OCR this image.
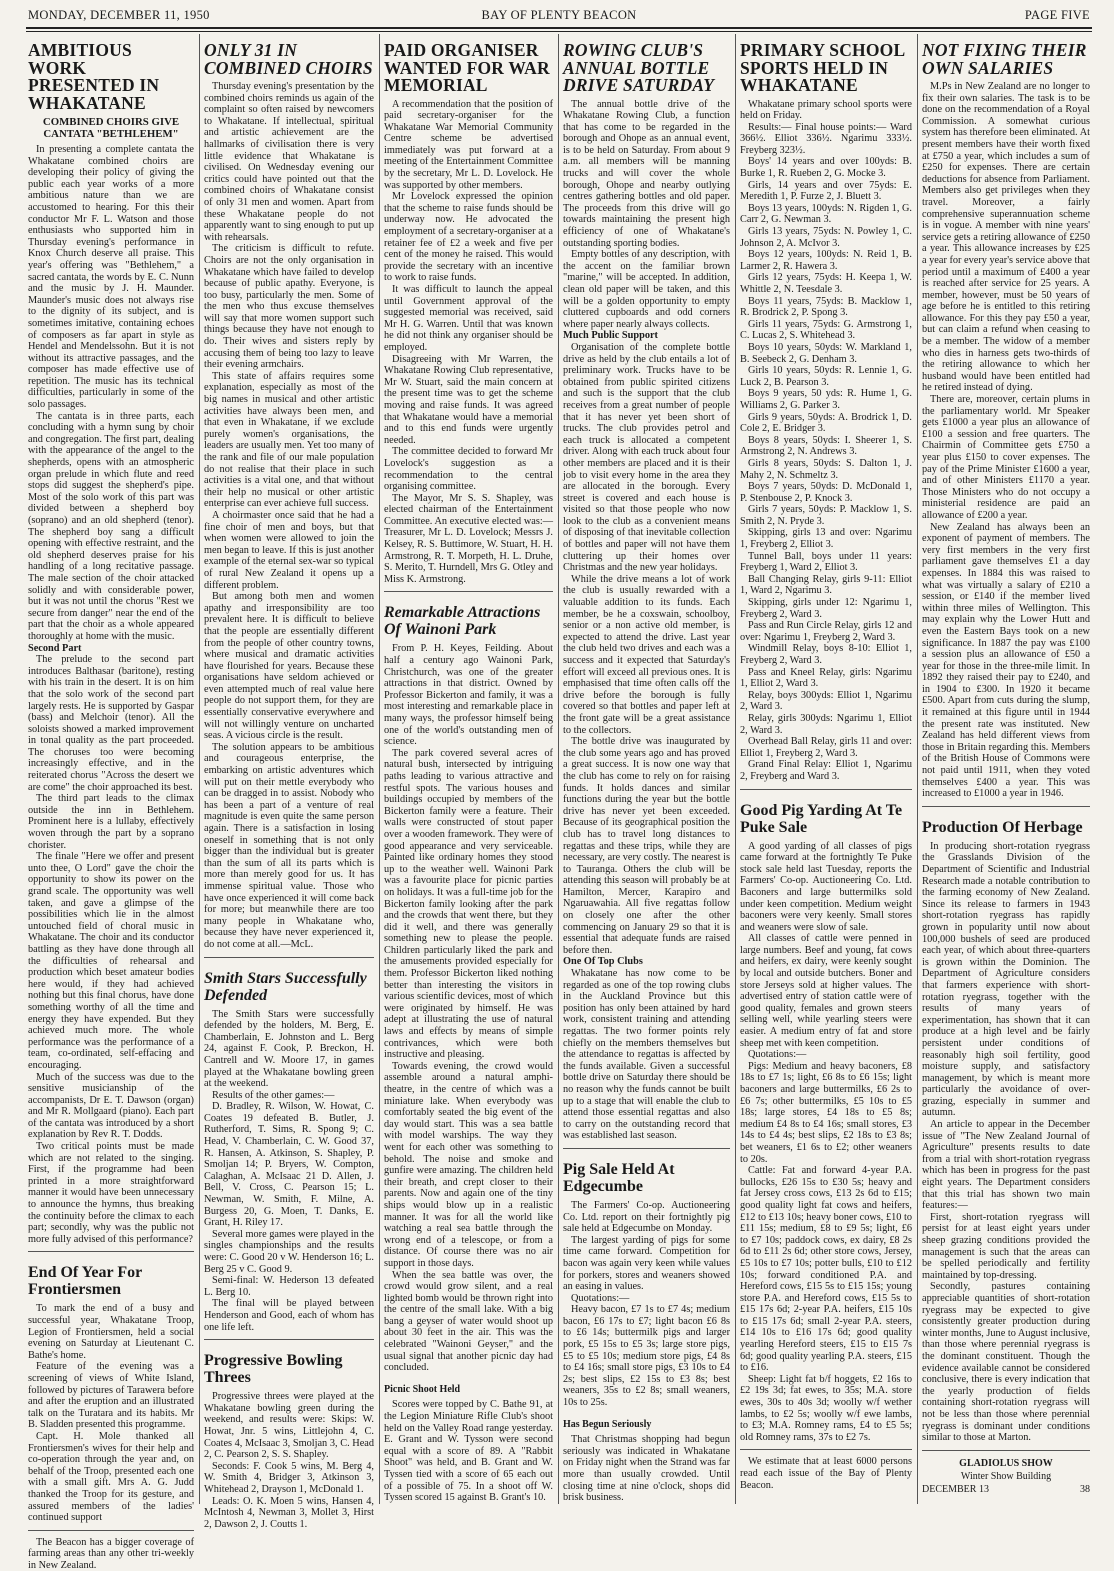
MONDAY, DECEMBER 11, 1950	BAY OF PLENTY BEACON	PAGE FIVE
AMBITIOUS WORK PRESENTED IN WHAKATANE
COMBINED CHOIRS GIVE CANTATA "BETHLEHEM"

In presenting a complete cantata the Whakatane combined choirs are developing their policy of giving the public each year works of a more ambitious nature than we are accustomed to hearing. For this their conductor Mr F. L. Watson and those enthusiasts who supported him in Thursday evening's performance in Knox Church deserve all praise. This year's offering was "Bethlehem," a sacred cantata, the words by E. C. Nunn and the music by J. H. Maunder. Maunder's music does not always rise to the dignity of its subject, and is sometimes imitative, containing echoes of composers as far apart in style as Hendel and Mendelssohn. But it is not without its attractive passages, and the composer has made effective use of repetition. The music has its technical difficulties, particularly in some of the solo passages.

The cantata is in three parts, each concluding with a hymn sung by choir and congregation. The first part, dealing with the appearance of the angel to the shepherds, opens with an atmospheric organ prelude in which flute and reed stops did suggest the shepherd's pipe. Most of the solo work of this part was divided between a shepherd boy (soprano) and an old shepherd (tenor). The shepherd boy sang a difficult opening with effective restraint, and the old shepherd deserves praise for his handling of a long recitative passage. The male section of the choir attacked solidly and with considerable power, but it was not until the chorus "Rest we secure from danger" near the end of the part that the choir as a whole appeared thoroughly at home with the music.

Second Part

The prelude to the second part introduces Balthasar (baritone), resting with his train in the desert. It is on him that the solo work of the second part largely rests. He is supported by Gaspar (bass) and Melchoir (tenor). All the soloists showed a marked improvement in tonal quality as the part proceeded. The choruses too were becoming increasingly effective, and in the reiterated chorus "Across the desert we are come" the choir approached its best.

The third part leads to the climax outside the inn in Bethlehem. Prominent here is a lullaby, effectively woven through the part by a soprano chorister.

The finale "Here we offer and present unto thee, O Lord" gave the choir the opportunity to show its power on the grand scale. The opportunity was well taken, and gave a glimpse of the possibilities which lie in the almost untouched field of choral music in Whakatane. The choir and its conductor battling as they have done through all the difficulties of rehearsal and production which beset amateur bodies here would, if they had achieved nothing but this final chorus, have done something worthy of all the time and energy they have expended. But they achieved much more. The whole performance was the performance of a team, co-ordinated, self-effacing and encouraging.

Much of the success was due to the sensitive musicianship of the accompanists, Dr E. T. Dawson (organ) and Mr R. Mollgaard (piano). Each part of the cantata was introduced by a short explanation by Rev R. T. Dodds.

Two critical points must be made which are not related to the singing. First, if the programme had been printed in a more straightforward manner it would have been unnecessary to announce the hymns, thus breaking the continuity before the climax to each part; secondly, why was the public not more fully advised of this performance?

End Of Year For Frontiersmen

To mark the end of a busy and successful year, Whakatane Troop, Legion of Frontiersmen, held a social evening on Saturday at Lieutenant C. Bathe's home.

Feature of the evening was a screening of views of White Island, followed by pictures of Tarawera before and after the eruption and an illustrated talk on the Turatara and its habits. Mr B. Sladden presented this programme.

Capt. H. Mole thanked all Frontiersmen's wives for their help and co-operation through the year and, on behalf of the Troop, presented each one with a small gift. Mrs A. G. Judd thanked the Troop for its gesture, and assured members of the ladies' continued support

The Beacon has a bigger coverage of farming areas than any other tri-weekly in New Zealand.

ONLY 31 IN COMBINED CHOIRS

Thursday evening's presentation by the combined choirs reminds us again of the complaint so often raised by newcomers to Whakatane. If intellectual, spiritual and artistic achievement are the hallmarks of civilisation there is very little evidence that Whakatane is civilised. On Wednesday evening our critics could have pointed out that the combined choirs of Whakatane consist of only 31 men and women. Apart from these Whakatane people do not apparently want to sing enough to put up with rehearsals.

The criticism is difficult to refute. Choirs are not the only organisation in Whakatane which have failed to develop because of public apathy. Everyone, is too busy, particularly the men. Some of the men who thus excuse themselves will say that more women support such things because they have not enough to do. Their wives and sisters reply by accusing them of being too lazy to leave their evening armchairs.

This state of affairs requires some explanation, especially as most of the big names in musical and other artistic activities have always been men, and that even in Whakatane, if we exclude purely women's organisations, the leaders are usually men. Yet too many of the rank and file of our male population do not realise that their place in such activities is a vital one, and that without their help no musical or other artistic enterprise can ever achieve full success.

A choirmaster once said that he had a fine choir of men and boys, but that when women were allowed to join the men began to leave. If this is just another example of the eternal sex-war so typical of rural New Zealand it opens up a different problem.

But among both men and women apathy and irresponsibility are too prevalent here. It is difficult to believe that the people are essentially different from the people of other country towns, where musical and dramatic activities have flourished for years. Because these organisations have seldom achieved or even attempted much of real value here people do not support them, for they are essentially conservative everywhere and will not willingly venture on uncharted seas. A vicious circle is the result.

The solution appears to be ambitious and courageous enterprise, the embarking on artistic adventures which will put on their mettle everybody who can be dragged in to assist. Nobody who has been a part of a venture of real magnitude is even quite the same person again. There is a satisfaction in losing oneself in something that is not only bigger than the individual but is greater than the sum of all its parts which is more than merely good for us. It has immense spiritual value. Those who have once experienced it will come back for more; but meanwhile there are too many people in Whakatane who, because they have never experienced it, do not come at all.—McL.

Smith Stars Successfully Defended

The Smith Stars were successfully defended by the holders, M. Berg, E. Chamberlain, E. Johnston and L. Berg 24, against F. Cook, P. Breckon, H. Cantrell and W. Moore 17, in games played at the Whakatane bowling green at the weekend.

Results of the other games:—

D. Bradley, R. Wilson, W. Howat, C. Coates 19 defeated B. Butler, J. Rutherford, T. Sims, R. Spong 9; C. Head, V. Chamberlain, C. W. Good 37, R. Hansen, A. Atkinson, S. Shapley, P. Smoljan 14; P. Bryers, W. Compton, Calaghan, A. McIsaac 21 D. Allen, J. Bell, V. Cross, C. Pearson 15; L. Newman, W. Smith, F. Milne, A. Burgess 20, G. Moen, T. Danks, E. Grant, H. Riley 17.

Several more games were played in the singles championships and the results were: C. Good 20 v W. Henderson 16; L. Berg 25 v C. Good 9.

Semi-final: W. Hederson 13 defeated L. Berg 10.

The final will be played between Henderson and Good, each of whom has one life left.

Progressive Bowling Threes

Progressive threes were played at the Whakatane bowling green during the weekend, and results were: Skips: W. Howat, Jnr. 5 wins, Littlejohn 4, C. Coates 4, McIsaac 3, Smoljan 3, C. Head 2, C. Pearson 2, S. S. Shapley.

Seconds: F. Cook 5 wins, M. Berg 4, W. Smith 4, Bridger 3, Atkinson 3, Whitehead 2, Drayson 1, McDonald 1.

Leads: O. K. Moen 5 wins, Hansen 4, McIntosh 4, Newman 3, Mollet 3, Hirst 2, Dawson 2, J. Coutts 1.

PAID ORGANISER WANTED FOR WAR MEMORIAL

A recommendation that the position of paid secretary-organiser for the Whakatane War Memorial Community Centre scheme be advertised immediately was put forward at a meeting of the Entertainment Committee by the secretary, Mr L. D. Lovelock. He was supported by other members.

Mr Lovelock expressed the opinion that the scheme to raise funds should be underway now. He advocated the employment of a secretary-organiser at a retainer fee of £2 a week and five per cent of the money he raised. This would provide the secretary with an incentive to work to raise funds.

It was difficult to launch the appeal until Government approval of the suggested memorial was received, said Mr H. G. Warren. Until that was known he did not think any organiser should be employed.

Disagreeing with Mr Warren, the Whakatane Rowing Club representative, Mr W. Stuart, said the main concern at the present time was to get the scheme moving and raise funds. It was agreed that Whakatane would have a memorial and to this end funds were urgently needed.

The committee decided to forward Mr Lovelock's suggestion as a recommendation to the central organising committee.

The Mayor, Mr S. S. Shapley, was elected chairman of the Entertainment Committee. An executive elected was:—Treasurer, Mr L. D. Lovelock; Messrs J. Kelsey, R. S. Buttimore, W. Stuart, H. H. Armstrong, R. T. Morpeth, H. L. Druhe, S. Merito, T. Hurndell, Mrs G. Otley and Miss K. Armstrong.

Remarkable Attractions Of Wainoni Park

From P. H. Keyes, Feilding. About half a century ago Wainoni Park, Christchurch, was one of the greater attractions in that district. Owned by Professor Bickerton and family, it was a most interesting and remarkable place in many ways, the professor himself being one of the world's outstanding men of science.

The park covered several acres of natural bush, intersected by intriguing paths leading to various attractive and restful spots. The various houses and buildings occupied by members of the Bickerton family were a feature. Their walls were constructed of stout paper over a wooden framework. They were of good appearance and very serviceable. Painted like ordinary homes they stood up to the weather well. Wainoni Park was a favourite place for picnic parties on holidays. It was a full-time job for the Bickerton family looking after the park and the crowds that went there, but they did it well, and there was generally something new to please the people. Children particularly liked the park and the amusements provided especially for them. Professor Bickerton liked nothing better than interesting the visitors in various scientific devices, most of which were originated by himself. He was adept at illustrating the use of natural laws and effects by means of simple contrivances, which were both instructive and pleasing.

Towards evening, the crowd would assemble around a natural amphi-theatre, in the centre of which was a miniature lake. When everybody was comfortably seated the big event of the day would start. This was a sea battle with model warships. The way they went for each other was something to behold. The noise and smoke and gunfire were amazing. The children held their breath, and crept closer to their parents. Now and again one of the tiny ships would blow up in a realistic manner. It was for all the world like watching a real sea battle through the wrong end of a telescope, or from a distance. Of course there was no air support in those days.

When the sea battle was over, the crowd would grow silent, and a real lighted bomb would be thrown right into the centre of the small lake. With a big bang a geyser of water would shoot up about 30 feet in the air. This was the celebrated "Wainoni Geyser," and the usual signal that another picnic day had concluded.

Picnic Shoot Held

Scores were topped by C. Bathe 91, at the Legion Miniature Rifle Club's shoot held on the Valley Road range yesterday. E. Grant and W. Tysson were second equal with a score of 89. A "Rabbit Shoot" was held, and B. Grant and W. Tyssen tied with a score of 65 each out of a possible of 75. In a shoot off W. Tyssen scored 15 against B. Grant's 10.

ROWING CLUB'S ANNUAL BOTTLE DRIVE SATURDAY

The annual bottle drive of the Whakatane Rowing Club, a function that has come to be regarded in the borough and Ohope as an annual event, is to be held on Saturday. From about 9 a.m. all members will be manning trucks and will cover the whole borough, Ohope and nearby outlying centres gathering bottles and old paper. The proceeds from this drive will go towards maintaining the present high efficiency of one of Whakatane's outstanding sporting bodies.

Empty bottles of any description, with the accent on the familiar brown "marine," will be accepted. In addition, clean old paper will be taken, and this will be a golden opportunity to empty cluttered cupboards and odd corners where paper nearly always collects.

Much Public Support

Organisation of the complete bottle drive as held by the club entails a lot of preliminary work. Trucks have to be obtained from public spirited citizens and such is the support that the club receives from a great number of people that it has never yet been short of trucks. The club provides petrol and each truck is allocated a competent driver. Along with each truck about four other members are placed and it is their job to visit every home in the area they are allocated in the borough. Every street is covered and each house is visited so that those people who now look to the club as a convenient means of disposing of that inevitable collection of bottles and paper will not have them cluttering up their homes over Christmas and the new year holidays.

While the drive means a lot of work the club is usually rewarded with a valuable addition to its funds. Each member, be he a coxswain, schoolboy, senior or a non active old member, is expected to attend the drive. Last year the club held two drives and each was a success and it expected that Saturday's effort will exceed all previous ones. It is emphasised that time often calls off the drive before the borough is fully covered so that bottles and paper left at the front gate will be a great assistance to the collectors.

The bottle drive was inaugurated by the club some years ago and has proved a great success. It is now one way that the club has come to rely on for raising funds. It holds dances and similar functions during the year but the bottle drive has never yet been exceeded. Because of its geographical position the club has to travel long distances to regattas and these trips, while they are necessary, are very costly. The nearest is to Tauranga. Others the club will be attending this season will probably be at Hamilton, Mercer, Karapiro and Ngaruawahia. All five regattas follow on closely one after the other commencing on January 29 so that it is essential that adequate funds are raised before then.

One Of Top Clubs

Whakatane has now come to be regarded as one of the top rowing clubs in the Auckland Province but this position has only been attained by hard work, consistent training and attending regattas. The two former points rely chiefly on the members themselves but the attendance to regattas is affected by the funds available. Given a successful bottle drive on Saturday there should be no reason why the funds cannot be built up to a stage that will enable the club to attend those essential regattas and also to carry on the outstanding record that was established last season.

Pig Sale Held At Edgecumbe

The Farmers' Co-op. Auctioneering Co. Ltd. report on their fortnightly pig sale held at Edgecumbe on Monday.

The largest yarding of pigs for some time came forward. Competition for bacon was again very keen while values for porkers, stores and weaners showed an easing in values.

Quotations:—

Heavy bacon, £7 1s to £7 4s; medium bacon, £6 17s to £7; light bacon £6 8s to £6 14s; buttermilk pigs and larger pork, £5 15s to £5 3s; large store pigs, £5 to £5 10s; medium store pigs, £4 8s to £4 16s; small store pigs, £3 10s to £4 2s; best slips, £2 15s to £3 8s; best weaners, 35s to £2 8s; small weaners, 10s to 25s.

Has Begun Seriously

That Christmas shopping had begun seriously was indicated in Whakatane on Friday night when the Strand was far more than usually crowded. Until closing time at nine o'clock, shops did brisk business.

PRIMARY SCHOOL SPORTS HELD IN WHAKATANE

Whakatane primary school sports were held on Friday.

Results:— Final house points:— Ward 366½. Elliot 336½. Ngarimu 333½. Freyberg 323½.

Boys' 14 years and over 100yds: B. Burke 1, R. Rueben 2, G. Mocke 3.

Girls, 14 years and over 75yds: E. Meredith 1, P. Furze 2, J. Bluett 3.

Boys 13 years, 100yds: N. Rigden 1, G. Carr 2, G. Newman 3.

Girls 13 years, 75yds: N. Powley 1, C. Johnson 2, A. McIvor 3.

Boys 12 years, 100yds: N. Reid 1, B. Larmer 2, R. Hawera 3.

Girls 12 years, 75yds: H. Keepa 1, W. Whittle 2, N. Teesdale 3.

Boys 11 years, 75yds: B. Macklow 1, R. Brodrick 2, P. Spong 3.

Girls 11 years, 75yds: G. Armstrong 1, C. Lucas 2, S. Whitehead 3.

Boys 10 years, 50yds: W. Markland 1, B. Seebeck 2, G. Denham 3.

Girls 10 years, 50yds: R. Lennie 1, G. Luck 2, B. Pearson 3.

Boys 9 years, 50 yds: R. Hume 1, G. Williams 2, G. Parker 3.

Girls 9 years, 50yds: A. Brodrick 1, D. Cole 2, E. Bridger 3.

Boys 8 years, 50yds: I. Sheerer 1, S. Armstrong 2, N. Andrews 3.

Girls 8 years, 50yds: S. Dalton 1, J. Mahy 2, N. Schmeltz 3.

Boys 7 years, 50yds: D. McDonald 1, P. Stenbouse 2, P. Knock 3.

Girls 7 years, 50yds: P. Macklow 1, S. Smith 2, N. Pryde 3.

Skipping, girls 13 and over: Ngarimu 1, Freyberg 2, Elliot 3.

Tunnel Ball, boys under 11 years: Freyberg 1, Ward 2, Elliot 3.

Ball Changing Relay, girls 9-11: Elliot 1, Ward 2, Ngarimu 3.

Skipping, girls under 12: Ngarimu 1, Freyberg 2, Ward 3.

Pass and Run Circle Relay, girls 12 and over: Ngarimu 1, Freyberg 2, Ward 3.

Windmill Relay, boys 8-10: Elliot 1, Freyberg 2, Ward 3.

Pass and Kneel Relay, girls: Ngarimu 1, Elliot 2, Ward 3.

Relay, boys 300yds: Elliot 1, Ngarimu 2, Ward 3.

Relay, girls 300yds: Ngarimu 1, Elliot 2, Ward 3.

Overhead Ball Relay, girls 11 and over: Elliot 1, Freyberg 2, Ward 3.

Grand Final Relay: Elliot 1, Ngarimu 2, Freyberg and Ward 3.

Good Pig Yarding At Te Puke Sale

A good yarding of all classes of pigs came forward at the fortnightly Te Puke stock sale held last Tuesday, reports the Farmers' Co-op. Auctioneering Co. Ltd. Baconers and large buttermilks sold under keen competition. Medium weight baconers were very keenly. Small stores and weaners were slow of sale.

All classes of cattle were penned in large numbers. Beef and young, fat cows and heifers, ex dairy, were keenly sought by local and outside butchers. Boner and store Jerseys sold at higher values. The advertised entry of station cattle were of good quality, females and grown steers selling well, while yearling steers were easier. A medium entry of fat and store sheep met with keen competition.

Quotations:—

Pigs: Medium and heavy baconers, £8 18s to £7 1s; light, £6 8s to £6 15s; light baconers and large buttermilks, £6 2s to £6 7s; other buttermilks, £5 10s to £5 18s; large stores, £4 18s to £5 8s; medium £4 8s to £4 16s; small stores, £3 14s to £4 4s; best slips, £2 18s to £3 8s; bet weaners, £1 6s to £2; other weaners to 20s.

Cattle: Fat and forward 4-year P.A. bullocks, £26 15s to £30 5s; heavy and fat Jersey cross cows, £13 2s 6d to £15; good quality light fat cows and heifers, £12 to £13 10s; heavy boner cows, £10 to £11 15s; medium, £8 to £9 5s; light, £6 to £7 10s; paddock cows, ex dairy, £8 2s 6d to £11 2s 6d; other store cows, Jersey, £5 10s to £7 10s; potter bulls, £10 to £12 10s; forward conditioned P.A. and Hereford cows, £15 5s to £15 15s; young store P.A. and Hereford cows, £15 5s to £15 17s 6d; 2-year P.A. heifers, £15 10s to £15 17s 6d; small 2-year P.A. steers, £14 10s to £16 17s 6d; good quality yearling Hereford steers, £15 to £15 7s 6d; good quality yearling P.A. steers, £15 to £16.

Sheep: Light fat b/f hoggets, £2 16s to £2 19s 3d; fat ewes, to 35s; M.A. store ewes, 30s to 40s 3d; woolly w/f wether lambs, to £2 5s; woolly w/f ewe lambs, to £3; M.A. Romney rams, £4 to £5 5s; old Romney rams, 37s to £2 7s.

We estimate that at least 6000 persons read each issue of the Bay of Plenty Beacon.

NOT FIXING THEIR OWN SALARIES

M.Ps in New Zealand are no longer to fix their own salaries. The task is to be done on the recommendation of a Royal Commission. A somewhat curious system has therefore been eliminated. At present members have their worth fixed at £750 a year, which includes a sum of £250 for expenses. There are certain deductions for absence from Parliament. Members also get privileges when they travel. Moreover, a fairly comprehensive superannuation scheme is in vogue. A member with nine years' service gets a retiring allowance of £250 a year. This allowance increases by £25 a year for every year's service above that period until a maximum of £400 a year is reached after service for 25 years. A member, however, must be 50 years of age before he is entitled to this retiring allowance. For this they pay £50 a year, but can claim a refund when ceasing to be a member. The widow of a member who dies in harness gets two-thirds of the retiring allowance to which her husband would have been entitled had he retired instead of dying.

There are, moreover, certain plums in the parliamentary world. Mr Speaker gets £1000 a year plus an allowance of £100 a session and free quarters. The Chairmin of Committee gets £750 a year plus £150 to cover expenses. The pay of the Prime Minister £1600 a year, and of other Ministers £1170 a year. Those Ministers who do not occupy a ministerial residence are paid an allowance of £200 a year.

New Zealand has always been an exponent of payment of members. The very first members in the very first parliament gave themselves £1 a day expenses. In 1884 this was raised to what was virtually a salary of £210 a session, or £140 if the member lived within three miles of Wellington. This may explain why the Lower Hutt and even the Eastern Bays took on a new significance. In 1887 the pay was £100 a session plus an allowance of £50 a year for those in the three-mile limit. In 1892 they raised their pay to £240, and in 1904 to £300. In 1920 it became £500. Apart from cuts during the slump, it remained at this figure until in 1944 the present rate was instituted. New Zealand has held different views from those in Britain regarding this. Members of the British House of Commons were not paid until 1911, when they voted themselves £400 a year. This was increased to £1000 a year in 1946.

Production Of Herbage

In producing short-rotation ryegrass the Grasslands Division of the Department of Scientific and Industrial Research made a notable contribution to the farming economy of New Zealand. Since its release to farmers in 1943 short-rotation ryegrass has rapidly grown in popularity until now about 100,000 bushels of seed are produced each year, of which about three-quarters is grown within the Dominion. The Department of Agriculture considers that farmers experience with short-rotation ryegrass, together with the results of many years of experimentation, has shown that it can produce at a high level and be fairly persistent under conditions of reasonably high soil fertility, good moisture supply, and satisfactory management, by which is meant more particularly the avoidance of over-grazing, especially in summer and autumn.

An article to appear in the December issue of "The New Zealand Journal of Agriculture" presents results to date from a trial with short-rotation ryegrass which has been in progress for the past eight years. The Department considers that this trial has shown two main features:—

First, short-rotation ryegrass will persist for at least eight years under sheep grazing conditions provided the management is such that the areas can be spelled periodically and fertility maintained by top-dressing.

Secondly, pastures containing appreciable quantities of short-rotation ryegrass may be expected to give consistently greater production during winter months, June to August inclusive, than those where perennial ryegrass is the dominant constituent. Though the evidence available cannot be considered conclusive, there is every indication that the yearly production of fields containing short-rotation ryegrass will not be less than those where perennial ryegrass is dominant under conditions similar to those at Marton.

GLADIOLUS SHOW
Winter Show Building
DECEMBER 13	38
